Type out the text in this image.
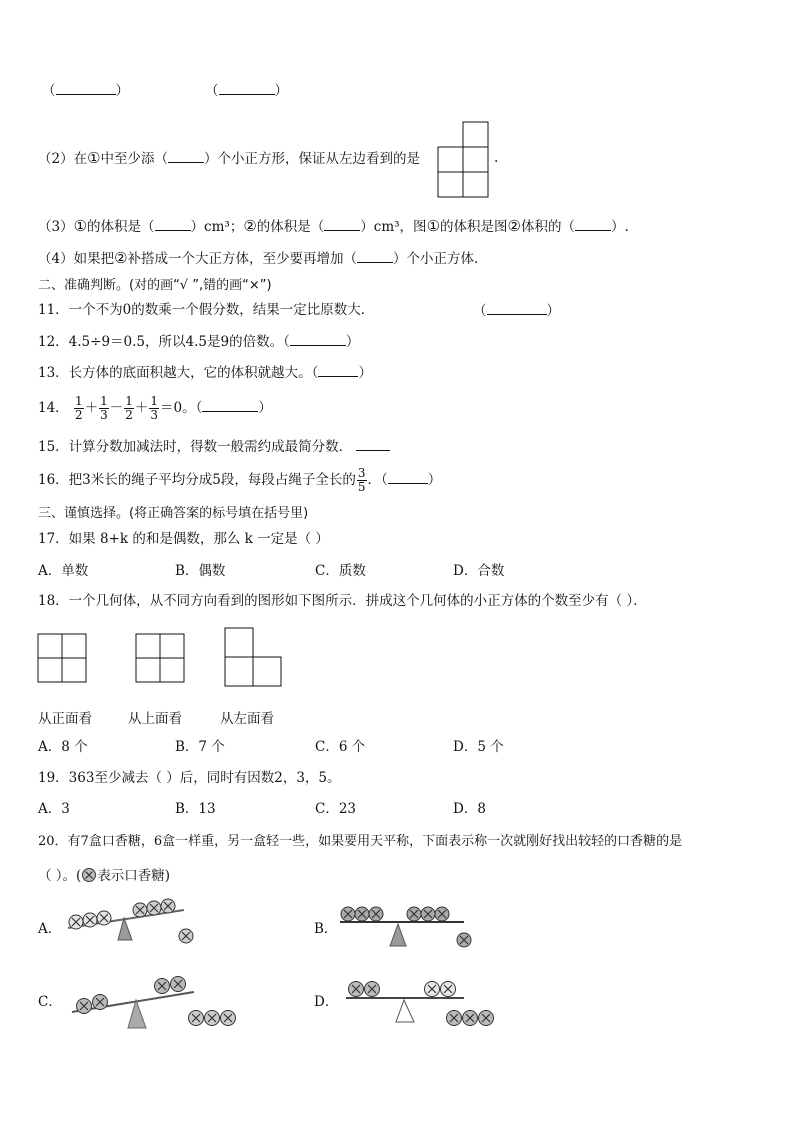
（	）	（	）
（2）在①中至少添（	）个小正方形，保证从左边看到的是	.
（3）①的体积是（	）cm³；②的体积是（	）cm³，图①的体积是图②体积的（	）.
（4）如果把②补搭成一个大正方体，至少要再增加（	）个小正方体.
二、准确判断。(对的画“√ ”,错的画“×”)
11．一个不为0的数乘一个假分数，结果一定比原数大．	（	）
12．4.5÷9＝0.5，所以4.5是9的倍数。（	）
13．长方体的底面积越大，它的体积就越大。（	）
14． $\frac{1}{2} + \frac{1}{3} - \frac{1}{2} + \frac{1}{3} =0$。（	）
15．计算分数加减法时，得数一般需约成最简分数．
16．把3米长的绳子平均分成5段，每段占绳子全长的 $\frac{3}{5}$ ．（	）
三、谨慎选择。(将正确答案的标号填在括号里)
17．如果 8+k 的和是偶数，那么 k 一定是（ ）
A．单数	B．偶数	C．质数	D．合数
18．一个几何体，从不同方向看到的图形如下图所示．拼成这个几何体的小正方体的个数至少有（ ）．
从正面看	从上面看	从左面看
A．8 个	B．7 个	C．6 个	D．5 个
19．363至少减去（ ）后，同时有因数2，3，5。
A．3	B．13	C．23	D．8
20．有7盒口香糖，6盒一样重，另一盒轻一些，如果要用天平称，下面表示称一次就刚好找出较轻的口香糖的是
（ ）。( 表示口香糖)
A．	B．
C．	D．
